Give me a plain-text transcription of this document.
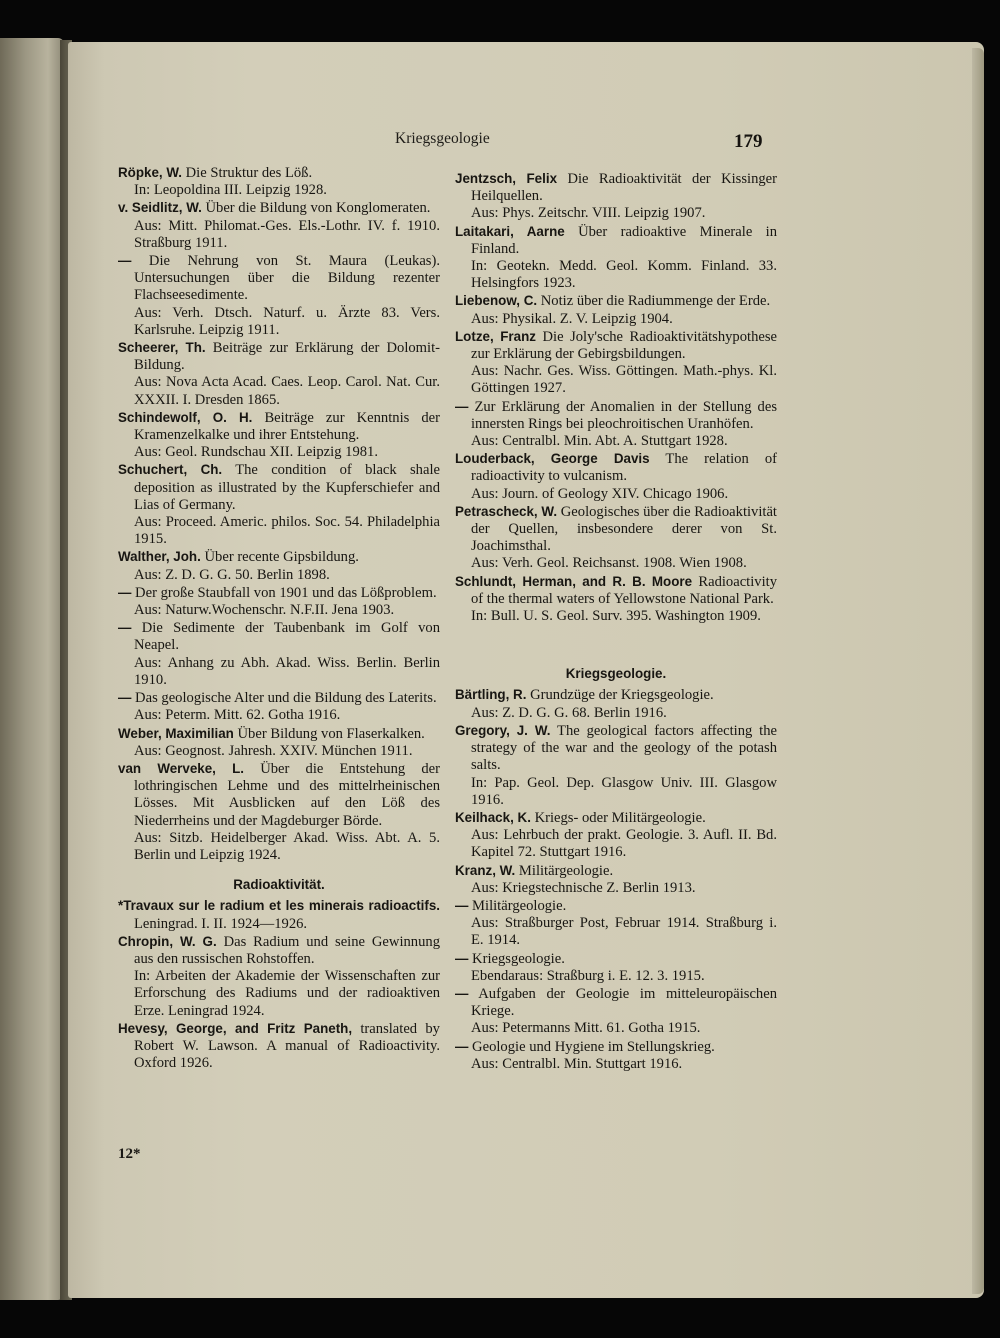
Kriegsgeologie	179

Röpke, W. Die Struktur des Löß.

In: Leopoldina III. Leipzig 1928.

v. Seidlitz, W. Über die Bildung von Konglomeraten.

Aus: Mitt. Philomat.-Ges. Els.-Lothr. IV. f. 1910. Straßburg 1911.

— Die Nehrung von St. Maura (Leukas). Untersuchungen über die Bildung rezenter Flachseesedimente.

Aus: Verh. Dtsch. Naturf. u. Ärzte 83. Vers. Karlsruhe. Leipzig 1911.

Scheerer, Th. Beiträge zur Erklärung der Dolomit-Bildung.

Aus: Nova Acta Acad. Caes. Leop. Carol. Nat. Cur. XXXII. I. Dresden 1865.

Schindewolf, O. H. Beiträge zur Kenntnis der Kramenzelkalke und ihrer Entstehung.

Aus: Geol. Rundschau XII. Leipzig 1981.

Schuchert, Ch. The condition of black shale deposition as illustrated by the Kupferschiefer and Lias of Germany.

Aus: Proceed. Americ. philos. Soc. 54. Philadelphia 1915.

Walther, Joh. Über recente Gipsbildung.

Aus: Z. D. G. G. 50. Berlin 1898.

— Der große Staubfall von 1901 und das Lößproblem.

Aus: Naturw.Wochenschr. N.F.II. Jena 1903.

— Die Sedimente der Taubenbank im Golf von Neapel.

Aus: Anhang zu Abh. Akad. Wiss. Berlin. Berlin 1910.

— Das geologische Alter und die Bildung des Laterits.

Aus: Peterm. Mitt. 62. Gotha 1916.

Weber, Maximilian Über Bildung von Flaserkalken.

Aus: Geognost. Jahresh. XXIV. München 1911.

van Werveke, L. Über die Entstehung der lothringischen Lehme und des mittelrheinischen Lösses. Mit Ausblicken auf den Löß des Niederrheins und der Magdeburger Börde.

Aus: Sitzb. Heidelberger Akad. Wiss. Abt. A. 5. Berlin und Leipzig 1924.

Radioaktivität.

*Travaux sur le radium et les minerais radioactifs. Leningrad. I. II. 1924—1926.

Chropin, W. G. Das Radium und seine Gewinnung aus den russischen Rohstoffen.

In: Arbeiten der Akademie der Wissenschaften zur Erforschung des Radiums und der radioaktiven Erze. Leningrad 1924.

Hevesy, George, and Fritz Paneth, translated by Robert W. Lawson. A manual of Radioactivity. Oxford 1926.

Jentzsch, Felix Die Radioaktivität der Kissinger Heilquellen.

Aus: Phys. Zeitschr. VIII. Leipzig 1907.

Laitakari, Aarne Über radioaktive Minerale in Finland.

In: Geotekn. Medd. Geol. Komm. Finland. 33. Helsingfors 1923.

Liebenow, C. Notiz über die Radiummenge der Erde.

Aus: Physikal. Z. V. Leipzig 1904.

Lotze, Franz Die Joly'sche Radioaktivitätshypothese zur Erklärung der Gebirgsbildungen.

Aus: Nachr. Ges. Wiss. Göttingen. Math.-phys. Kl. Göttingen 1927.

— Zur Erklärung der Anomalien in der Stellung des innersten Rings bei pleochroitischen Uranhöfen.

Aus: Centralbl. Min. Abt. A. Stuttgart 1928.

Louderback, George Davis The relation of radioactivity to vulcanism.

Aus: Journ. of Geology XIV. Chicago 1906.

Petrascheck, W. Geologisches über die Radioaktivität der Quellen, insbesondere derer von St. Joachimsthal.

Aus: Verh. Geol. Reichsanst. 1908. Wien 1908.

Schlundt, Herman, and R. B. Moore Radioactivity of the thermal waters of Yellowstone National Park.

In: Bull. U. S. Geol. Surv. 395. Washington 1909.

Kriegsgeologie.

Bärtling, R. Grundzüge der Kriegsgeologie.

Aus: Z. D. G. G. 68. Berlin 1916.

Gregory, J. W. The geological factors affecting the strategy of the war and the geology of the potash salts.

In: Pap. Geol. Dep. Glasgow Univ. III. Glasgow 1916.

Keilhack, K. Kriegs- oder Militärgeologie.

Aus: Lehrbuch der prakt. Geologie. 3. Aufl. II. Bd. Kapitel 72. Stuttgart 1916.

Kranz, W. Militärgeologie.

Aus: Kriegstechnische Z. Berlin 1913.

— Militärgeologie.

Aus: Straßburger Post, Februar 1914. Straßburg i. E. 1914.

— Kriegsgeologie.

Ebendaraus: Straßburg i. E. 12. 3. 1915.

— Aufgaben der Geologie im mitteleuropäischen Kriege.

Aus: Petermanns Mitt. 61. Gotha 1915.

— Geologie und Hygiene im Stellungskrieg.

Aus: Centralbl. Min. Stuttgart 1916.

12*
